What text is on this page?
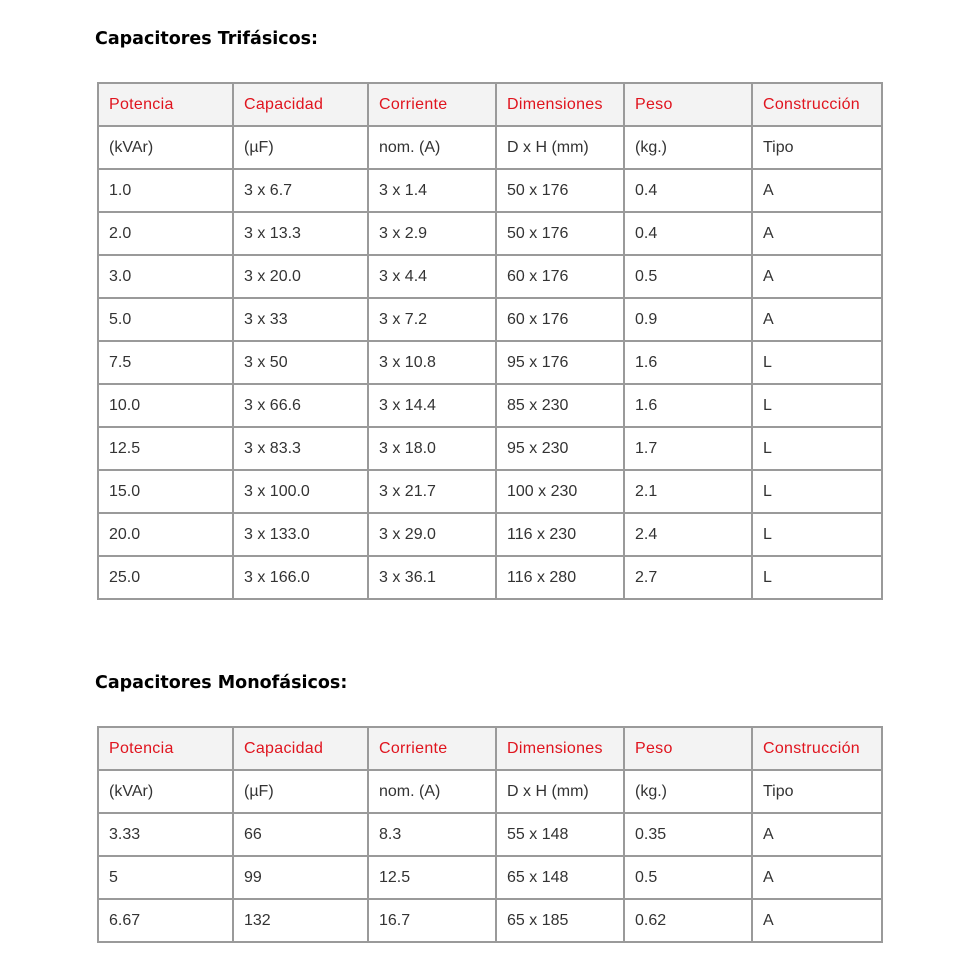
Capacitores Trifásicos:
Potencia	Capacidad	Corriente	Dimensiones	Peso	Construcción
(kVAr)	(µF)	nom. (A)	D x H (mm)	(kg.)	Tipo
1.0	3 x 6.7	3 x 1.4	50 x 176	0.4	A
2.0	3 x 13.3	3 x 2.9	50 x 176	0.4	A
3.0	3 x 20.0	3 x 4.4	60 x 176	0.5	A
5.0	3 x 33	3 x 7.2	60 x 176	0.9	A
7.5	3 x 50	3 x 10.8	95 x 176	1.6	L
10.0	3 x 66.6	3 x 14.4	85 x 230	1.6	L
12.5	3 x 83.3	3 x 18.0	95 x 230	1.7	L
15.0	3 x 100.0	3 x 21.7	100 x 230	2.1	L
20.0	3 x 133.0	3 x 29.0	116 x 230	2.4	L
25.0	3 x 166.0	3 x 36.1	116 x 280	2.7	L
Capacitores Monofásicos:
Potencia	Capacidad	Corriente	Dimensiones	Peso	Construcción
(kVAr)	(µF)	nom. (A)	D x H (mm)	(kg.)	Tipo
3.33	66	8.3	55 x 148	0.35	A
5	99	12.5	65 x 148	0.5	A
6.67	132	16.7	65 x 185	0.62	A
